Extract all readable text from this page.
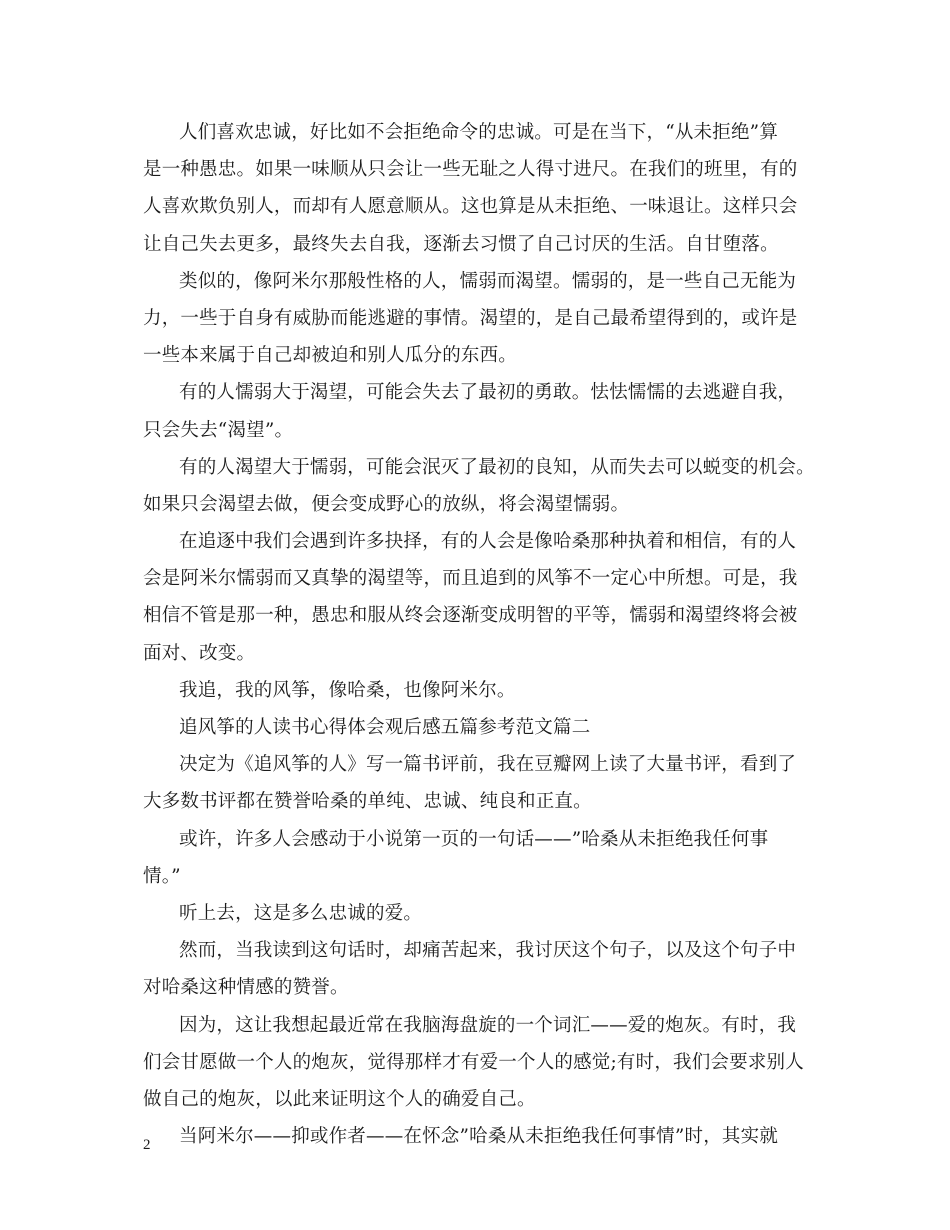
人们喜欢忠诚，好比如不会拒绝命令的忠诚。可是在当下，“从未拒绝”算
是一种愚忠。如果一味顺从只会让一些无耻之人得寸进尺。在我们的班里，有的
人喜欢欺负别人，而却有人愿意顺从。这也算是从未拒绝、一味退让。这样只会
让自己失去更多，最终失去自我，逐渐去习惯了自己讨厌的生活。自甘堕落。
类似的，像阿米尔那般性格的人，懦弱而渴望。懦弱的，是一些自己无能为
力，一些于自身有威胁而能逃避的事情。渴望的，是自己最希望得到的，或许是
一些本来属于自己却被迫和别人瓜分的东西。
有的人懦弱大于渴望，可能会失去了最初的勇敢。怯怯懦懦的去逃避自我，
只会失去“渴望”。
有的人渴望大于懦弱，可能会泯灭了最初的良知，从而失去可以蜕变的机会。
如果只会渴望去做，便会变成野心的放纵，将会渴望懦弱。
在追逐中我们会遇到许多抉择，有的人会是像哈桑那种执着和相信，有的人
会是阿米尔懦弱而又真挚的渴望等，而且追到的风筝不一定心中所想。可是，我
相信不管是那一种，愚忠和服从终会逐渐变成明智的平等，懦弱和渴望终将会被
面对、改变。
我追，我的风筝，像哈桑，也像阿米尔。
追风筝的人读书心得体会观后感五篇参考范文篇二
决定为《追风筝的人》写一篇书评前，我在豆瓣网上读了大量书评，看到了
大多数书评都在赞誉哈桑的单纯、忠诚、纯良和正直。
或许，许多人会感动于小说第一页的一句话——”哈桑从未拒绝我任何事
情。”
听上去，这是多么忠诚的爱。
然而，当我读到这句话时，却痛苦起来，我讨厌这个句子，以及这个句子中
对哈桑这种情感的赞誉。
因为，这让我想起最近常在我脑海盘旋的一个词汇——爱的炮灰。有时，我
们会甘愿做一个人的炮灰，觉得那样才有爱一个人的感觉;有时，我们会要求别人
做自己的炮灰，以此来证明这个人的确爱自己。
当阿米尔——抑或作者——在怀念”哈桑从未拒绝我任何事情”时，其实就
2
